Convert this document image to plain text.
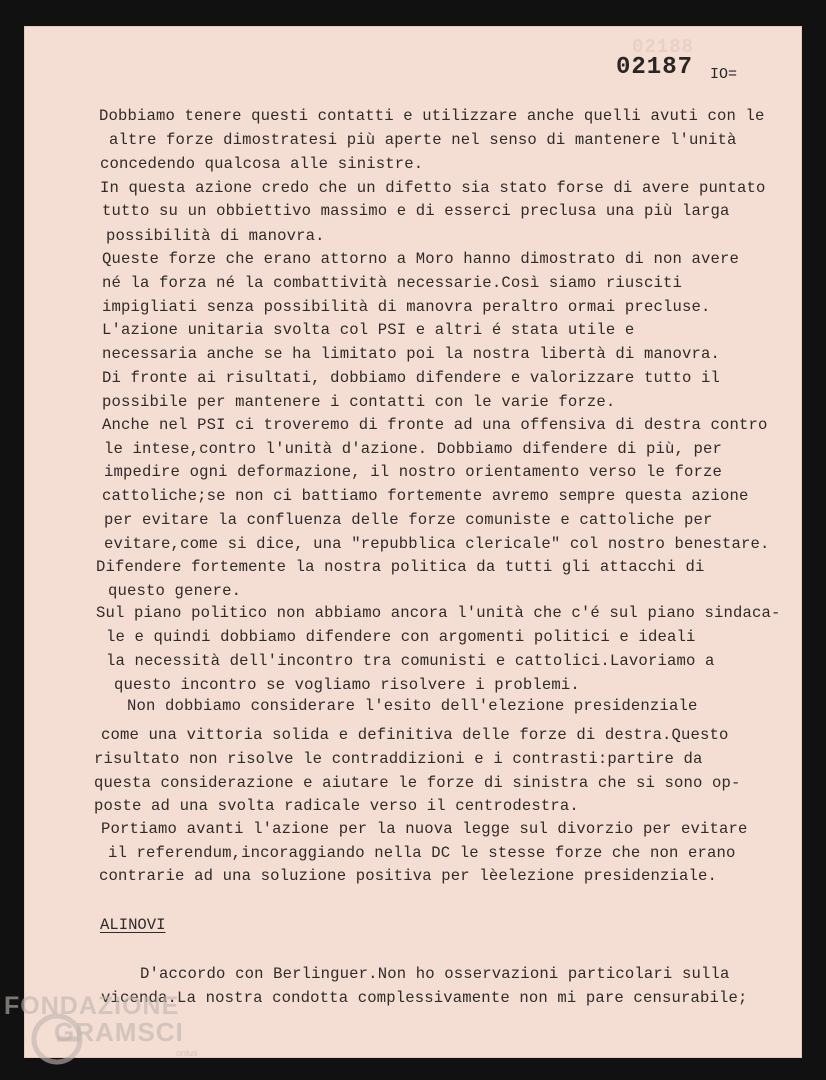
02188
02187 IO=
Dobbiamo tenere questi contatti e utilizzare anche quelli avuti con le
altre forze dimostratesi più aperte nel senso di mantenere l'unità
concedendo qualcosa alle sinistre.
In questa azione credo che un difetto sia stato forse di avere puntato
tutto su un obbiettivo massimo e di esserci preclusa una più larga
possibilità di manovra.
Queste forze che erano attorno a Moro hanno dimostrato di non avere
né la forza né la combattività necessarie.Così siamo riusciti
impigliati senza possibilità di manovra peraltro ormai precluse.
L'azione unitaria svolta col PSI e altri é stata utile e
necessaria anche se ha limitato poi la nostra libertà di manovra.
Di fronte ai risultati, dobbiamo difendere e valorizzare tutto il
possibile per mantenere i contatti con le varie forze.
Anche nel PSI ci troveremo di fronte ad una offensiva di destra contro
le intese,contro l'unità d'azione. Dobbiamo difendere di più, per
impedire ogni deformazione, il nostro orientamento verso le forze
cattoliche;se non ci battiamo fortemente avremo sempre questa azione
per evitare la confluenza delle forze comuniste e cattoliche per
evitare,come si dice, una "repubblica clericale" col nostro benestare.
Difendere fortemente la nostra politica da tutti gli attacchi di
questo genere.
Sul piano politico non abbiamo ancora l'unità che c'é sul piano sindaca-
le e quindi dobbiamo difendere con argomenti politici e ideali
la necessità dell'incontro tra comunisti e cattolici.Lavoriamo a
questo incontro se vogliamo risolvere i problemi.
Non dobbiamo considerare l'esito dell'elezione presidenziale
come una vittoria solida e definitiva delle forze di destra.Questo
risultato non risolve le contraddizioni e i contrasti:partire da
questa considerazione e aiutare le forze di sinistra che si sono op-
poste ad una svolta radicale verso il centrodestra.
Portiamo avanti l'azione per la nuova legge sul divorzio per evitare
il referendum,incoraggiando nella DC le stesse forze che non erano
contrarie ad una soluzione positiva per lèelezione presidenziale.
ALINOVI
D'accordo con Berlinguer.Non ho osservazioni particolari sulla
vicenda.La nostra condotta complessivamente non mi pare censurabile;
FONDAZIONE
GRAMSCI
onlus
